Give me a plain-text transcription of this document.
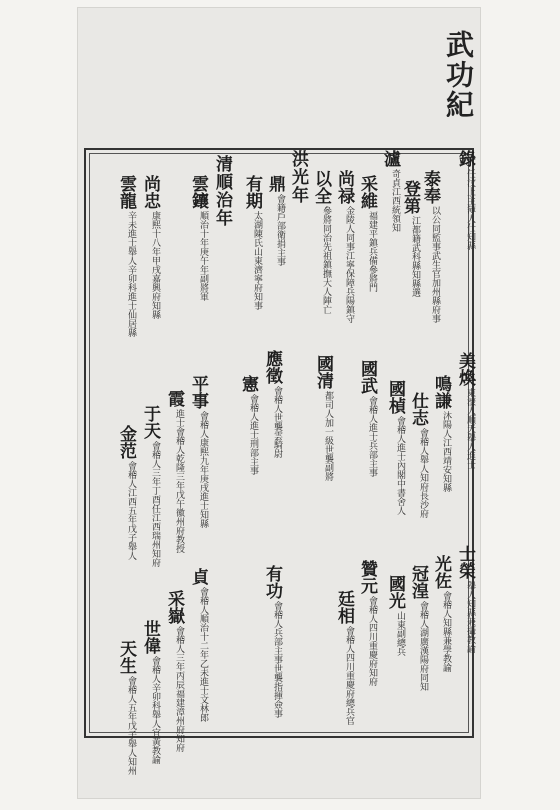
武功紀
錄
任汶上主簿人仕知縣
登第
江都籍武科縣知縣選
泰奉
以公同監事武生官加州縣府事
瀘
奇貞江西統領知
采維
福建平鎮兵備參將門
尚禄
金陵人同事江寧保障兵陽鎮守
以全
參將同治先祖鎮撫大人陣亡
洪光年
鼎
會籍戶部衛捐主事
有期
太湖陳氏山東濟寧府知事
清順治年
雲鑲
順治十年庚午年副將軍
尚忠
康熙十八年甲戌嘉興府知縣
雲龍
辛未進士舉人辛卯科進士仙居縣
美煥
東濠人順天舉人進士
鳴謙
沐陽人江西靖安知縣
仕志
會稽人舉人知府長沙府
國楨
會稽人進士內閣中書舍人
國武
會稽人進士兵部主事
國清
都司人加一級世襲副將
應徵
會稽人世襲雲騎尉
憲
會稽人進士刑部主事
平事
會稽人康熙九年庚戌進士知縣
霞
進士會稽人乾隆三年戊午徽州府教授
于天
會稽人三年丁酉任江西瑞州知府
金范
會稽人江西五年戊子舉人
士榮
舉人知縣兼攝教諭
光佐
會稽人知縣兼學教諭
冠湟
會稽人湖廣漢陽府同知
國光
山東副總兵
贊元
會稽人四川重慶府知府
廷相
會稽人四川重慶府總兵官
有功
會稽人兵部主事世襲指揮僉事
貞
會稽人順治十二年乙未進士文林郎
采嶽
會稽人三年丙辰福建漳州府知府
世偉
會稽人辛卯科舉人宜黃教諭
天生
會稽人五年戊子舉人知州
